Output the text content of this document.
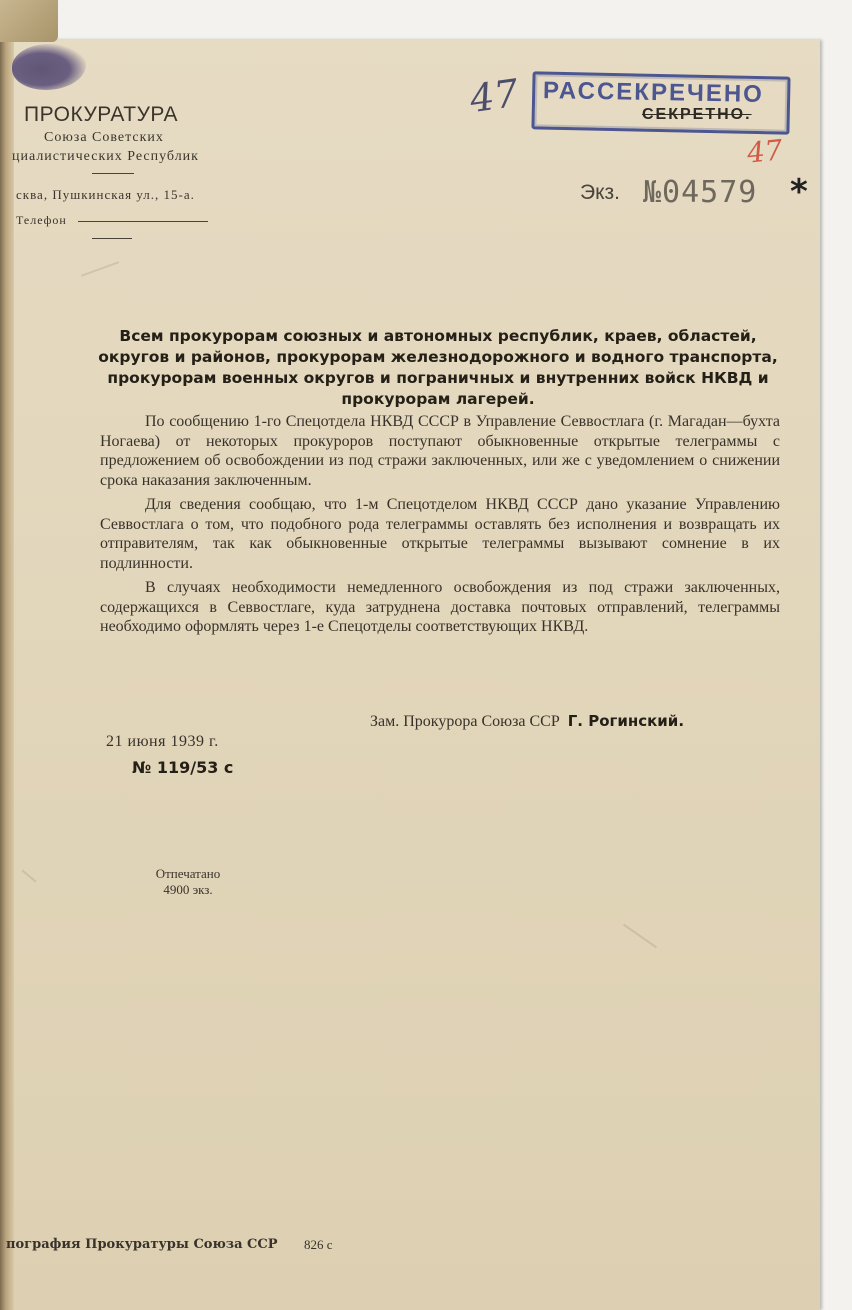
ПРОКУРАТУРА
Союза Советских
циалистических Республик
сква, Пушкинская ул., 15-а.
Телефон
47 РАССЕКРЕЧЕНО
СЕКРЕТНО.
47
Экз. №04579 *
Всем прокурорам союзных и автономных республик, краев, областей, округов и районов, прокурорам железнодорожного и водного транспорта, прокурорам военных округов и пограничных и внутренних войск НКВД и прокурорам лагерей.

По сообщению 1-го Спецотдела НКВД СССР в Управление Севвостлага (г. Магадан—бухта Ногаева) от некоторых прокуроров поступают обыкновенные открытые телеграммы с предложением об освобождении из под стражи заключенных, или же с уведомлением о снижении срока наказания заключенным.

Для сведения сообщаю, что 1-м Спецотделом НКВД СССР дано указание Управлению Севвостлага о том, что подобного рода телеграммы оставлять без исполнения и возвращать их отправителям, так как обыкновенные открытые телеграммы вызывают сомнение в их подлинности.

В случаях необходимости немедленного освобождения из под стражи заключенных, содержащихся в Севвостлаге, куда затруднена доставка почтовых отправлений, телеграммы необходимо оформлять через 1-е Спецотделы соответствующих НКВД.

Зам. Прокурора Союза ССР Г. Рогинский.
21 июня 1939 г.
№ 119/53 с
Отпечатано
4900 экз.
пография Прокуратуры Союза ССР 826 с
